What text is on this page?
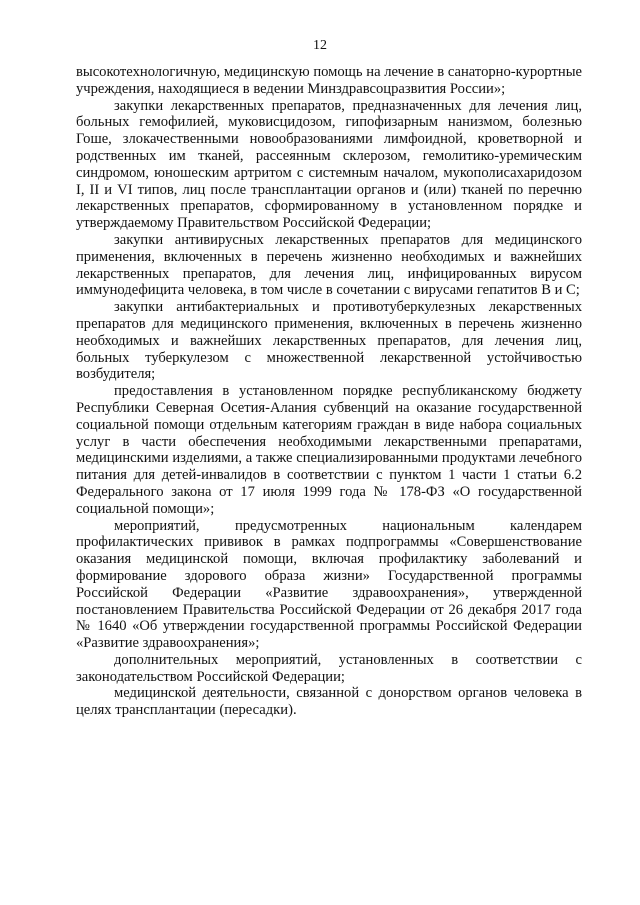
12

высокотехнологичную, медицинскую помощь на лечение в санаторно-курортные учреждения, находящиеся в ведении Минздравсоцразвития России»;

закупки лекарственных препаратов, предназначенных для лечения лиц, больных гемофилией, муковисцидозом, гипофизарным нанизмом, болезнью Гоше, злокачественными новообразованиями лимфоидной, кроветворной и родственных им тканей, рассеянным склерозом, гемолитико-уремическим синдромом, юношеским артритом с системным началом, мукополисахаридозом I, II и VI типов, лиц после трансплантации органов и (или) тканей по перечню лекарственных препаратов, сформированному в установленном порядке и утверждаемому Правительством Российской Федерации;

закупки антивирусных лекарственных препаратов для медицинского применения, включенных в перечень жизненно необходимых и важнейших лекарственных препаратов, для лечения лиц, инфицированных вирусом иммунодефицита человека, в том числе в сочетании с вирусами гепатитов В и С;

закупки антибактериальных и противотуберкулезных лекарственных препаратов для медицинского применения, включенных в перечень жизненно необходимых и важнейших лекарственных препаратов, для лечения лиц, больных туберкулезом с множественной лекарственной устойчивостью возбудителя;

предоставления в установленном порядке республиканскому бюджету Республики Северная Осетия-Алания субвенций на оказание государственной социальной помощи отдельным категориям граждан в виде набора социальных услуг в части обеспечения необходимыми лекарственными препаратами, медицинскими изделиями, а также специализированными продуктами лечебного питания для детей-инвалидов в соответствии с пунктом 1 части 1 статьи 6.2 Федерального закона от 17 июля 1999 года № 178-ФЗ «О государственной социальной помощи»;

мероприятий, предусмотренных национальным календарем профилактических прививок в рамках подпрограммы «Совершенствование оказания медицинской помощи, включая профилактику заболеваний и формирование здорового образа жизни» Государственной программы Российской Федерации «Развитие здравоохранения», утвержденной постановлением Правительства Российской Федерации от 26 декабря 2017 года № 1640 «Об утверждении государственной программы Российской Федерации «Развитие здравоохранения»;

дополнительных мероприятий, установленных в соответствии с законодательством Российской Федерации;

медицинской деятельности, связанной с донорством органов человека в целях трансплантации (пересадки).
